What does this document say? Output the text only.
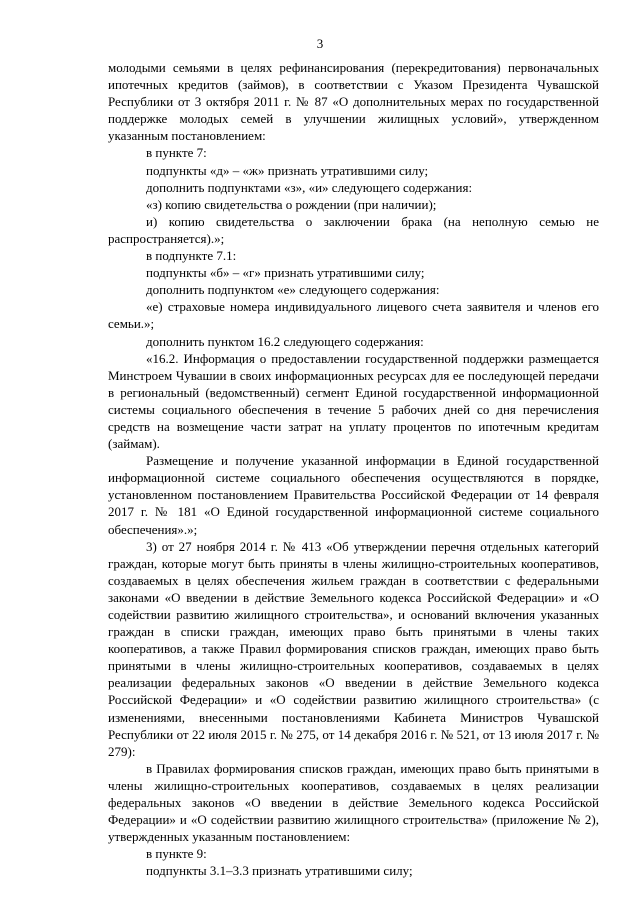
3

молодыми семьями в целях рефинансирования (перекредитования) первоначальных ипотечных кредитов (займов), в соответствии с Указом Президента Чувашской Республики от 3 октября 2011 г. № 87 «О дополнительных мерах по государственной поддержке молодых семей в улучшении жилищных условий», утвержденном указанным постановлением:

в пункте 7:

подпункты «д» – «ж» признать утратившими силу;

дополнить подпунктами «з», «и» следующего содержания:

«з) копию свидетельства о рождении (при наличии);

и) копию свидетельства о заключении брака (на неполную семью не распространяется).»;

в подпункте 7.1:

подпункты «б» – «г» признать утратившими силу;

дополнить подпунктом «е» следующего содержания:

«е) страховые номера индивидуального лицевого счета заявителя и членов его семьи.»;

дополнить пунктом 16.2 следующего содержания:

«16.2. Информация о предоставлении государственной поддержки размещается Минстроем Чувашии в своих информационных ресурсах для ее последующей передачи в региональный (ведомственный) сегмент Единой государственной информационной системы социального обеспечения в течение 5 рабочих дней со дня перечисления средств на возмещение части затрат на уплату процентов по ипотечным кредитам (займам).

Размещение и получение указанной информации в Единой государственной информационной системе социального обеспечения осуществляются в порядке, установленном постановлением Правительства Российской Федерации от 14 февраля 2017 г. № 181 «О Единой государственной информационной системе социального обеспечения».»;

3) от 27 ноября 2014 г. № 413 «Об утверждении перечня отдельных категорий граждан, которые могут быть приняты в члены жилищно-строительных кооперативов, создаваемых в целях обеспечения жильем граждан в соответствии с федеральными законами «О введении в действие Земельного кодекса Российской Федерации» и «О содействии развитию жилищного строительства», и оснований включения указанных граждан в списки граждан, имеющих право быть принятыми в члены таких кооперативов, а также Правил формирования списков граждан, имеющих право быть принятыми в члены жилищно-строительных кооперативов, создаваемых в целях реализации федеральных законов «О введении в действие Земельного кодекса Российской Федерации» и «О содействии развитию жилищного строительства» (с изменениями, внесенными постановлениями Кабинета Министров Чувашской Республики от 22 июля 2015 г. № 275, от 14 декабря 2016 г. № 521, от 13 июля 2017 г. № 279):

в Правилах формирования списков граждан, имеющих право быть принятыми в члены жилищно-строительных кооперативов, создаваемых в целях реализации федеральных законов «О введении в действие Земельного кодекса Российской Федерации» и «О содействии развитию жилищного строительства» (приложение № 2), утвержденных указанным постановлением:

в пункте 9:

подпункты 3.1–3.3 признать утратившими силу;
